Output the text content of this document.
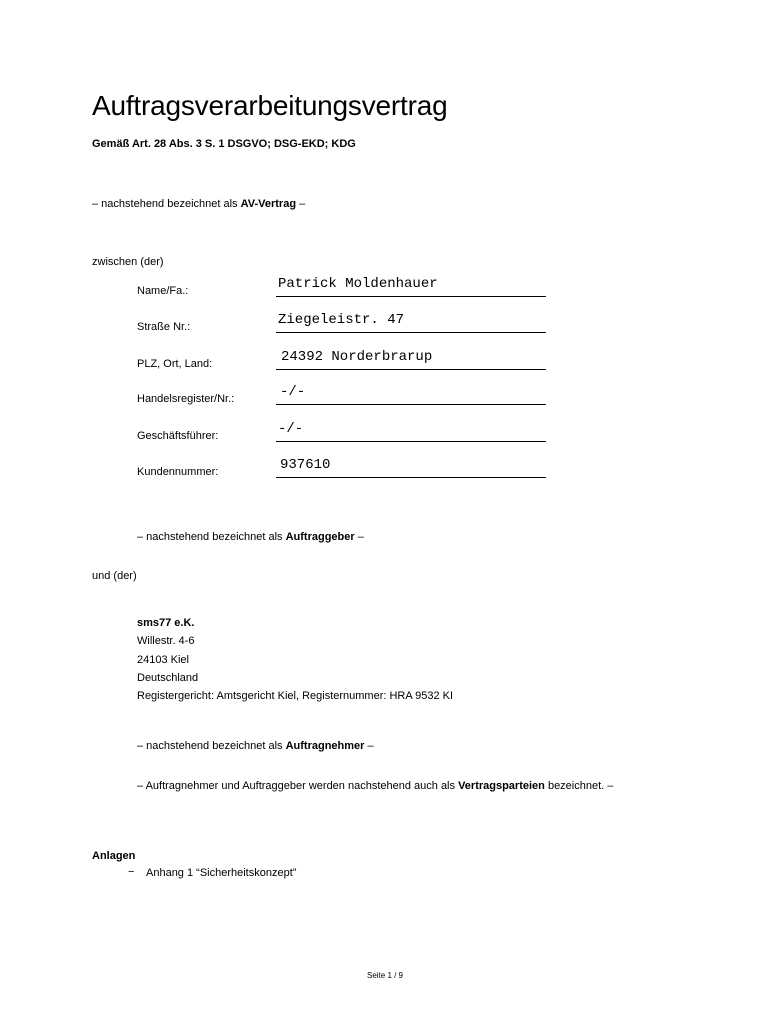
Auftragsverarbeitungsvertrag
Gemäß Art. 28 Abs. 3 S. 1 DSGVO; DSG-EKD; KDG
– nachstehend bezeichnet als AV-Vertrag –
zwischen (der)
Name/Fa.:	Patrick Moldenhauer
Straße Nr.:	Ziegeleistr. 47
PLZ, Ort, Land:	24392 Norderbrarup
Handelsregister/Nr.:	-/-
Geschäftsführer:	-/-
Kundennummer:	937610
– nachstehend bezeichnet als Auftraggeber –
und (der)
sms77 e.K.
Willestr. 4-6
24103 Kiel
Deutschland
Registergericht: Amtsgericht Kiel, Registernummer: HRA 9532 KI
– nachstehend bezeichnet als Auftragnehmer –
– Auftragnehmer und Auftraggeber werden nachstehend auch als Vertragsparteien bezeichnet. –
Anlagen
− Anhang 1 “Sicherheitskonzept”
Seite 1 / 9
